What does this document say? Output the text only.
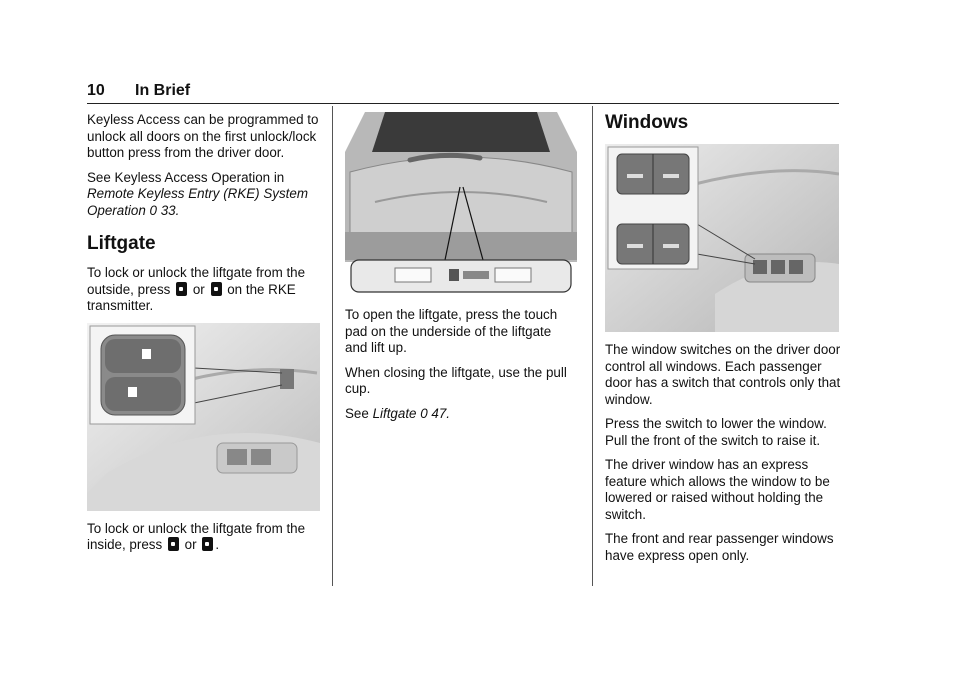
10 In Brief

Keyless Access can be programmed to unlock all doors on the first unlock/lock button press from the driver door.

See Keyless Access Operation in
Remote Keyless Entry (RKE) System Operation 0 33.

Liftgate

To lock or unlock the liftgate from the outside, press or on the RKE transmitter.

To lock or unlock the liftgate from the inside, press or .

To open the liftgate, press the touch pad on the underside of the liftgate and lift up.

When closing the liftgate, use the pull cup.

See Liftgate 0 47.

Windows

The window switches on the driver door control all windows. Each passenger door has a switch that controls only that window.

Press the switch to lower the window. Pull the front of the switch to raise it.

The driver window has an express feature which allows the window to be lowered or raised without holding the switch.

The front and rear passenger windows have express open only.
